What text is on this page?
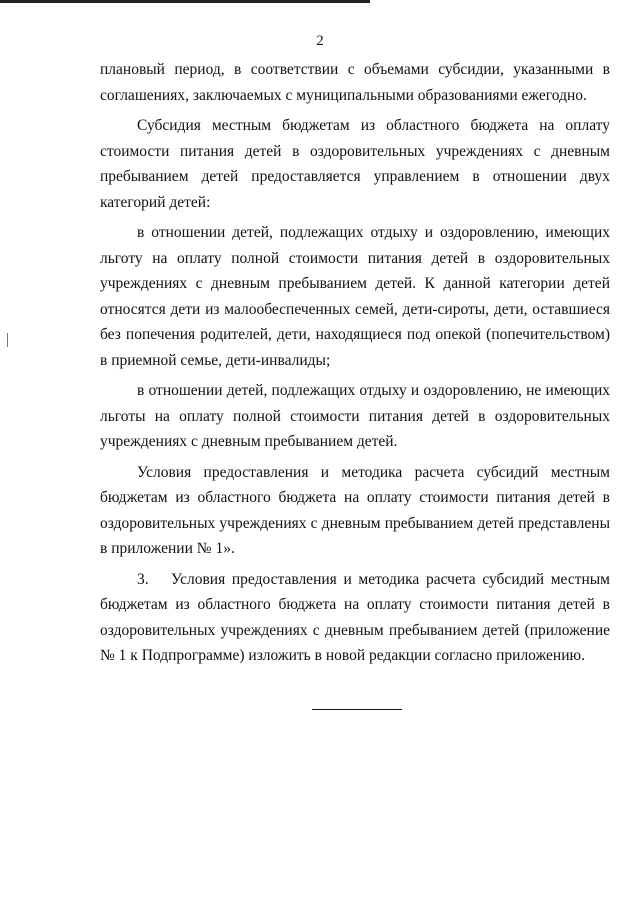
2

плановый период, в соответствии с объемами субсидии, указанными в соглашениях, заключаемых с муниципальными образованиями ежегодно.

Субсидия местным бюджетам из областного бюджета на оплату стоимости питания детей в оздоровительных учреждениях с дневным пребыванием детей предоставляется управлением в отношении двух категорий детей:

в отношении детей, подлежащих отдыху и оздоровлению, имеющих льготу на оплату полной стоимости питания детей в оздоровительных учреждениях с дневным пребыванием детей. К данной категории детей относятся дети из малообеспеченных семей, дети-сироты, дети, оставшиеся без попечения родителей, дети, находящиеся под опекой (попечительством) в приемной семье, дети-инвалиды;

в отношении детей, подлежащих отдыху и оздоровлению, не имеющих льготы на оплату полной стоимости питания детей в оздоровительных учреждениях с дневным пребыванием детей.

Условия предоставления и методика расчета субсидий местным бюджетам из областного бюджета на оплату стоимости питания детей в оздоровительных учреждениях с дневным пребыванием детей представлены в приложении № 1».

3. Условия предоставления и методика расчета субсидий местным бюджетам из областного бюджета на оплату стоимости питания детей в оздоровительных учреждениях с дневным пребыванием детей (приложение № 1 к Подпрограмме) изложить в новой редакции согласно приложению.
